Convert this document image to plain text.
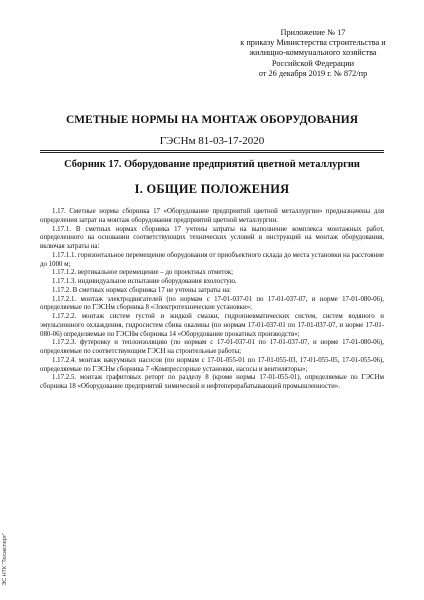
Приложение № 17
к приказу Министерства строительства и
жилищно-коммунального хозяйства
Российской Федерации
от 26 декабря 2019 г. № 872/пр
СМЕТНЫЕ НОРМЫ НА МОНТАЖ ОБОРУДОВАНИЯ
ГЭСНм 81-03-17-2020
Сборник 17. Оборудование предприятий цветной металлургии
I. ОБЩИЕ ПОЛОЖЕНИЯ

1.17. Сметные нормы сборника 17 «Оборудование предприятий цветной металлургии» предназначены для определения затрат на монтаж оборудования предприятий цветной металлургии.

1.17.1. В сметных нормах сборника 17 учтены затраты на выполнение комплекса монтажных работ, определенного на основании соответствующих технических условий и инструкций на монтаж оборудования, включая затраты на:

1.17.1.1. горизонтальное перемещение оборудования от приобъектного склада до места установки на расстояние до 1000 м;

1.17.1.2. вертикальное перемещение – до проектных отметок;

1.17.1.3. индивидуальное испытание оборудования вхолостую.

1.17.2. В сметных нормах сборника 17 не учтены затраты на:

1.17.2.1. монтаж электродвигателей (по нормам с 17-01-037-01 по 17-01-037-07, и норме 17-01-080-06), определяемые по ГЭСНм сборника 8 «Электротехнические установки»;

1.17.2.2. монтаж систем густой и жидкой смазки, гидропневматических систем, систем водяного и эмульсионного охлаждения, гидросистем сбива окалины (по нормам 17-01-037-01 по 17-01-037-07, и норме 17-01-080-06) определяемые по ГЭСНм сборника 14 «Оборудование прокатных производств»;

1.17.2.3. футеровку и теплоизоляцию (по нормам с 17-01-037-01 по 17-01-037-07, и норме 17-01-080-06), определяемые по соответствующим ГЭСН на строительные работы;

1.17.2.4. монтаж вакуумных насосов (по нормам с 17-01-055-01 по 17-01-055-03, 17-01-055-05, 17-01-055-06), определяемые по ГЭСНм сборника 7 «Компрессорные установки, насосы и вентиляторы»;

1.17.2.5. монтаж графитовых реторт по разделу 8 (кроме нормы 17-01-055-01), определяемые по ГЭСНм сборника 18 «Оборудование предприятий химической и нефтеперерабатывающей промышленности».

ЭС НТК "Техэксперт"
